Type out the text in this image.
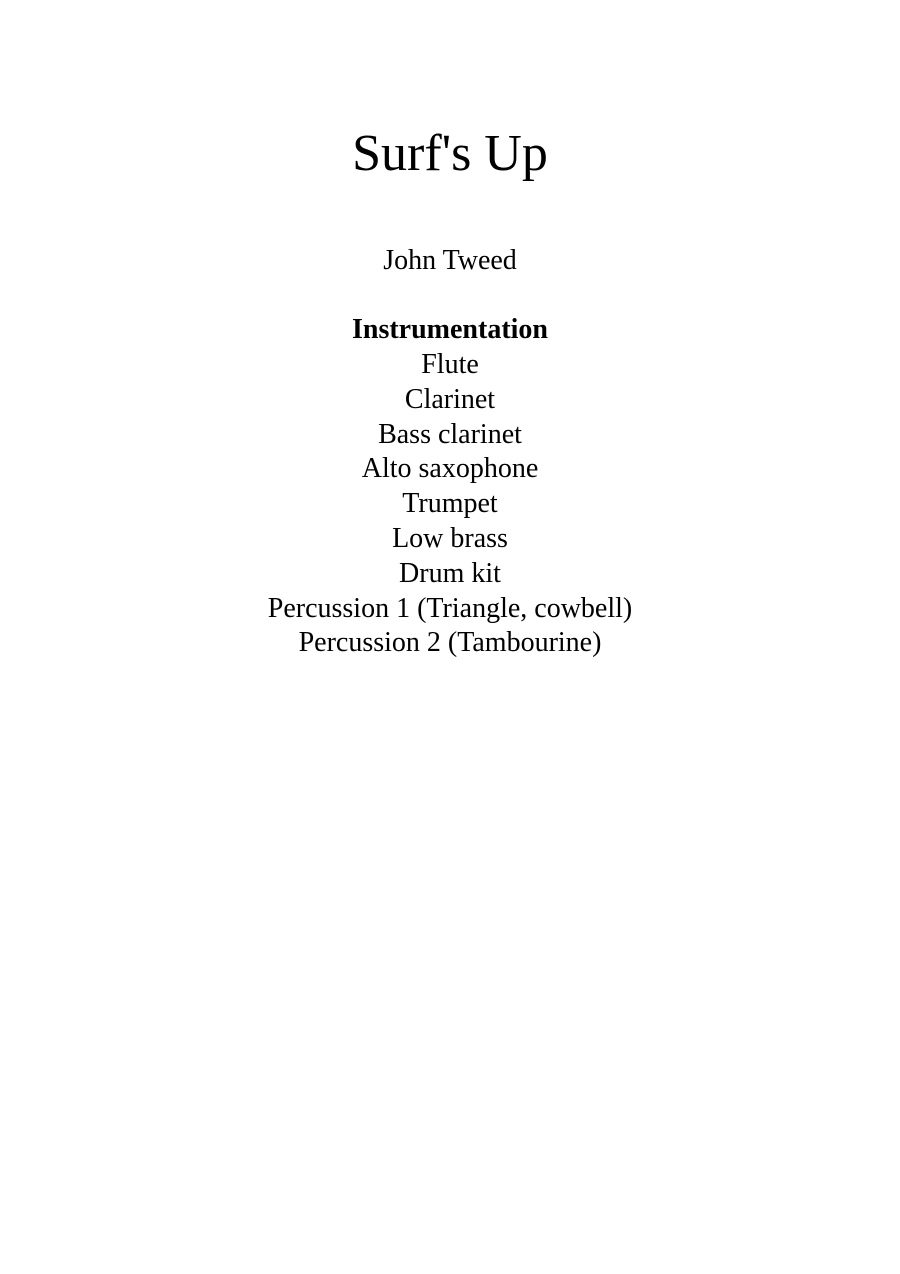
Surf's Up

John Tweed

Instrumentation

Flute
Clarinet
Bass clarinet
Alto saxophone
Trumpet
Low brass
Drum kit
Percussion 1 (Triangle, cowbell)
Percussion 2 (Tambourine)
